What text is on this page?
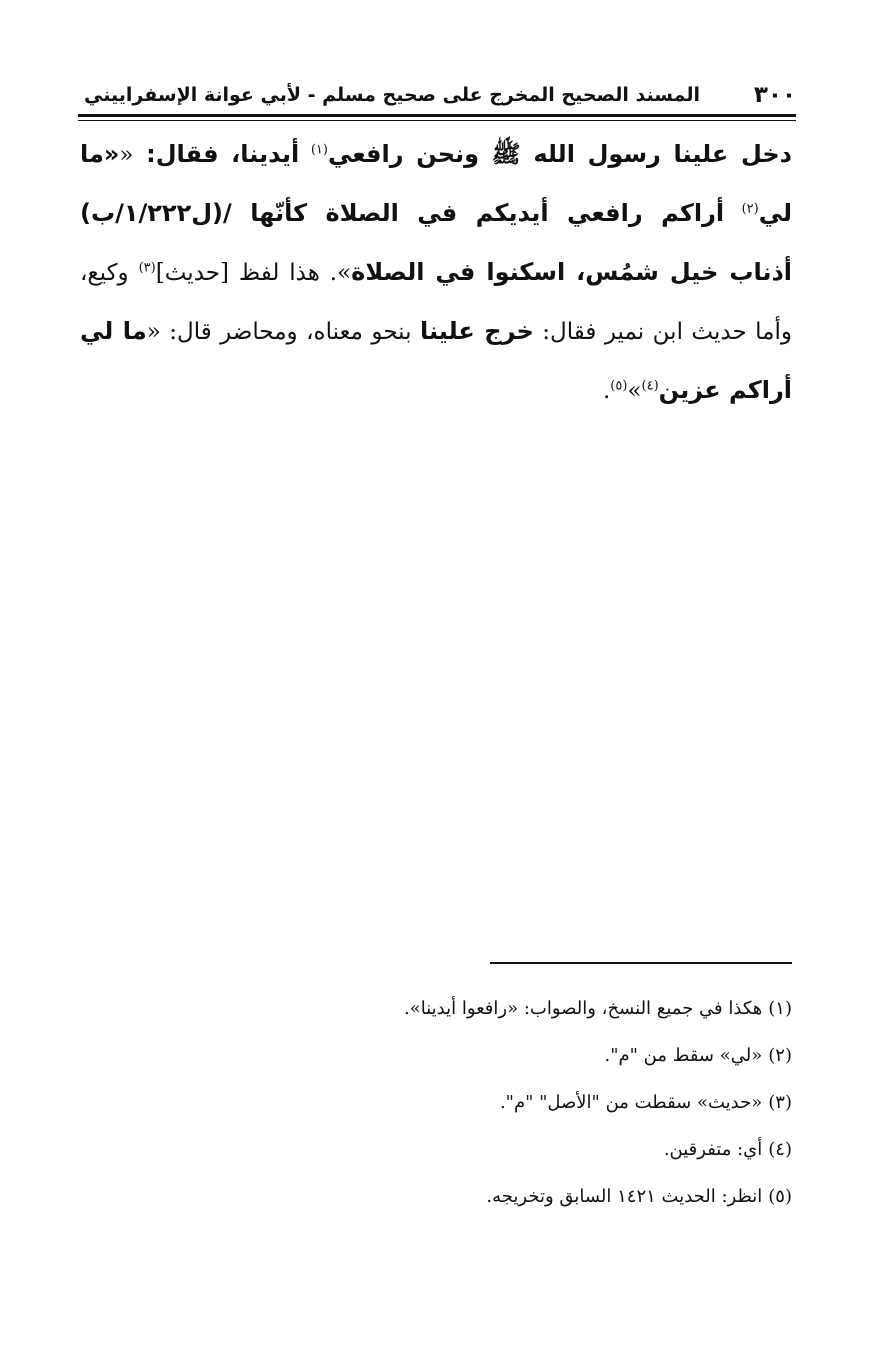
٣٠٠
المسند الصحيح المخرج على صحيح مسلم - لأبي عوانة الإسفراييني

دخل علينا رسول الله ﷺ ونحن رافعي$^{(١)}$ أيدينا، فقال: ««ما لي$^{(٢)}$ أراكم رافعي أيديكم في الصلاة كأنّها /(ل١/٢٢٢/ب) أذناب خيل شمُس، اسكنوا في الصلاة». هذا لفظ [حديث]$^{(٣)}$ وكيع، وأما حديث ابن نمير فقال: خرج علينا بنحو معناه، ومحاضر قال: «ما لي أراكم عزين$^{(٤)}$»$^{(٥)}$.

(١)هكذا في جميع النسخ، والصواب: «رافعوا أيدينا».

(٢)«لي» سقط من "م".

(٣)«حديث» سقطت من "الأصل" "م".

(٤)أي: متفرقين.

(٥)انظر: الحديث ١٤٢١ السابق وتخريجه.
